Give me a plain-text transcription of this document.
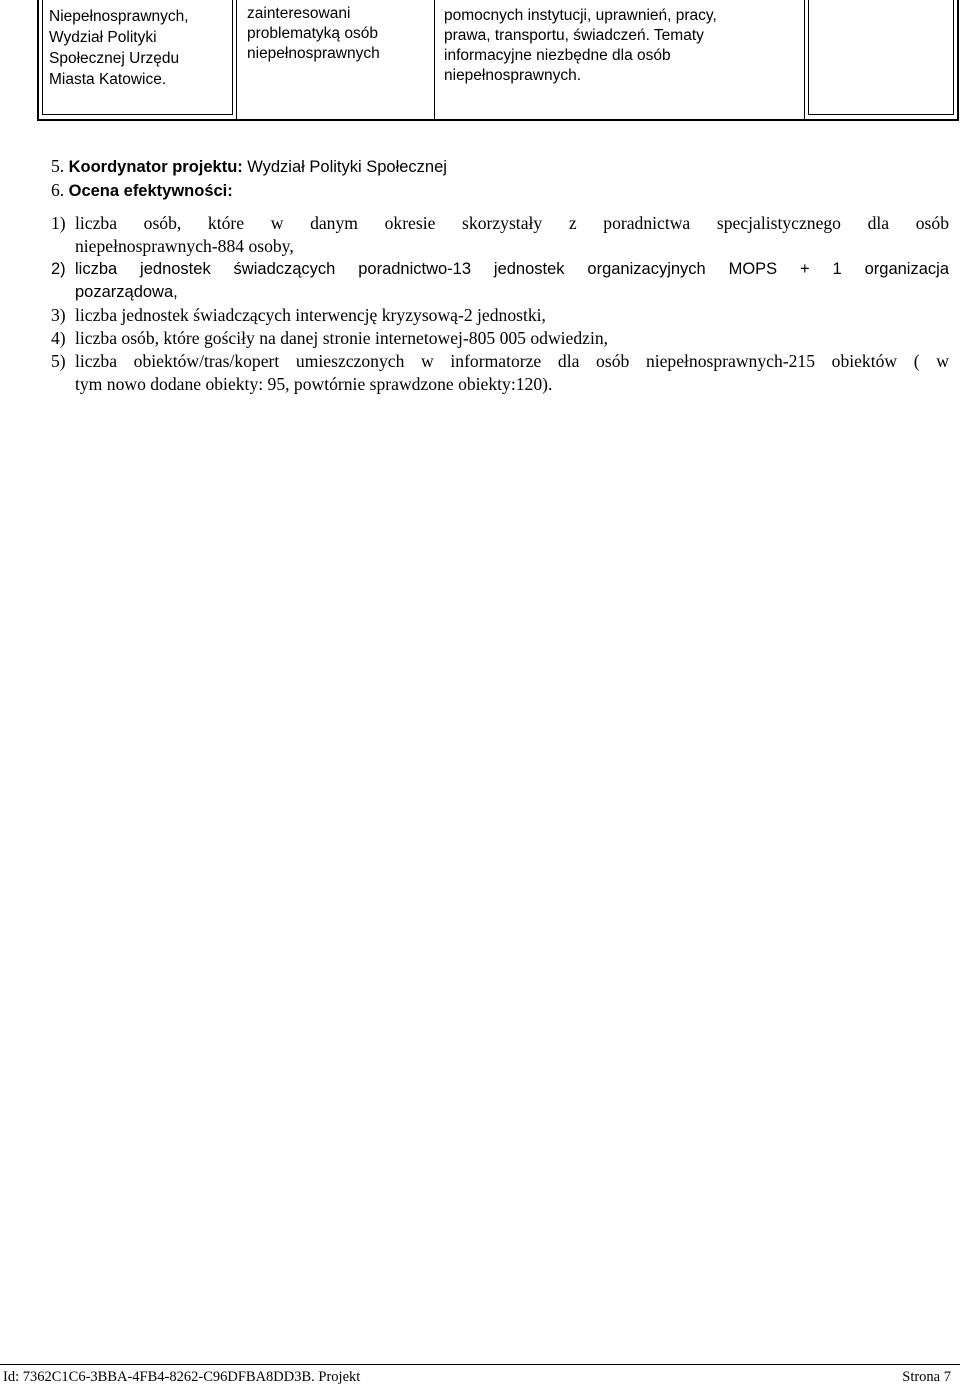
Niepełnosprawnych,
Wydział Polityki
Społecznej Urzędu
Miasta Katowice.
zainteresowani
problematyką osób
niepełnosprawnych
pomocnych instytucji, uprawnień, pracy,
prawa, transportu, świadczeń. Tematy
informacyjne niezbędne dla osób
niepełnosprawnych.

5. Koordynator projektu: Wydział Polityki Społecznej

6. Ocena efektywności:

1) liczba osób, które w danym okresie skorzystały z poradnictwa specjalistycznego dla osób
niepełnosprawnych-884 osoby,
2) liczba jednostek świadczących poradnictwo-13 jednostek organizacyjnych MOPS + 1 organizacja
pozarządowa,
3) liczba jednostek świadczących interwencję kryzysową-2 jednostki,
4) liczba osób, które gościły na danej stronie internetowej-805 005 odwiedzin,
5) liczba obiektów/tras/kopert umieszczonych w informatorze dla osób niepełnosprawnych-215 obiektów ( w
tym nowo dodane obiekty: 95, powtórnie sprawdzone obiekty:120).
Id: 7362C1C6-3BBA-4FB4-8262-C96DFBA8DD3B. Projekt	Strona 7
